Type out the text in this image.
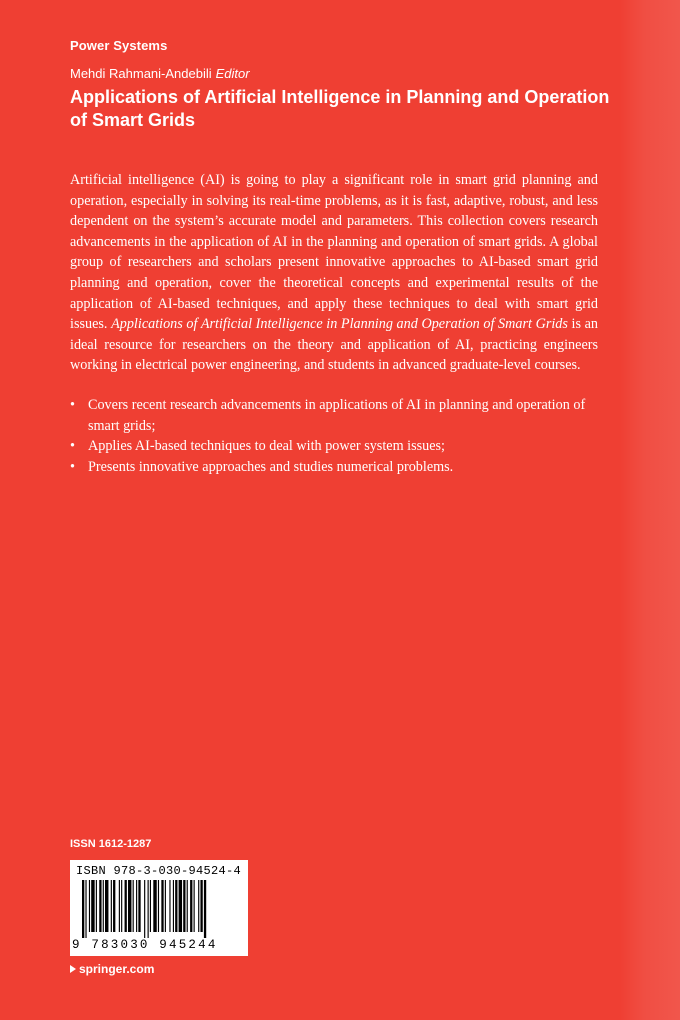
Power Systems
Mehdi Rahmani-Andebili Editor
Applications of Artificial Intelligence in Planning and Operation of Smart Grids

Artificial intelligence (AI) is going to play a significant role in smart grid planning and operation, especially in solving its real-time problems, as it is fast, adaptive, robust, and less dependent on the system’s accurate model and parameters. This collection covers research advancements in the application of AI in the planning and operation of smart grids. A global group of researchers and scholars present innovative approaches to AI-based smart grid planning and operation, cover the theoretical concepts and experimental results of the application of AI-based techniques, and apply these techniques to deal with smart grid issues. Applications of Artificial Intelligence in Planning and Operation of Smart Grids is an ideal resource for researchers on the theory and application of AI, practicing engineers working in electrical power engineering, and students in advanced graduate-level courses.

• Covers recent research advancements in applications of AI in planning and operation of smart grids;
• Applies AI-based techniques to deal with power system issues;
• Presents innovative approaches and studies numerical problems.
ISSN 1612-1287
ISBN 978-3-030-94524-4
9 783030 945244
springer.com
